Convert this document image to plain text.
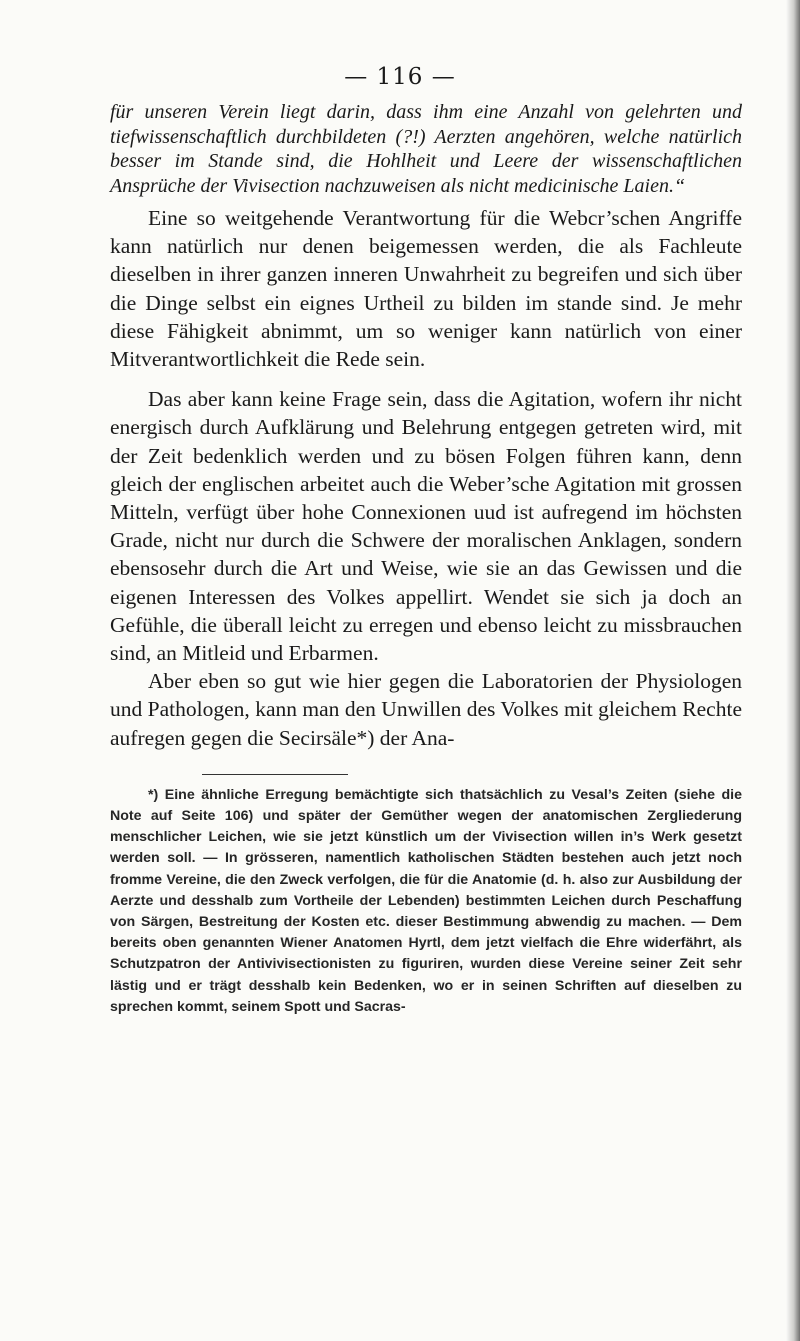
— 116 —

für unseren Verein liegt darin, dass ihm eine Anzahl von gelehrten und tiefwissenschaftlich durchbildeten (?!) Aerzten angehören, welche natürlich besser im Stande sind, die Hohlheit und Leere der wissenschaftlichen Ansprüche der Vivisection nachzuweisen als nicht medicinische Laien.“

Eine so weitgehende Verantwortung für die Webcr’schen Angriffe kann natürlich nur denen beigemessen werden, die als Fachleute dieselben in ihrer ganzen inneren Unwahrheit zu begreifen und sich über die Dinge selbst ein eignes Urtheil zu bilden im stande sind. Je mehr diese Fähigkeit abnimmt, um so weniger kann natürlich von einer Mitverantwortlichkeit die Rede sein.

Das aber kann keine Frage sein, dass die Agitation, wofern ihr nicht energisch durch Aufklärung und Belehrung entgegen getreten wird, mit der Zeit bedenklich werden und zu bösen Folgen führen kann, denn gleich der englischen arbeitet auch die Weber’sche Agitation mit grossen Mitteln, verfügt über hohe Connexionen uud ist aufregend im höchsten Grade, nicht nur durch die Schwere der moralischen Anklagen, sondern ebensosehr durch die Art und Weise, wie sie an das Gewissen und die eigenen Interessen des Volkes appellirt. Wendet sie sich ja doch an Gefühle, die überall leicht zu erregen und ebenso leicht zu missbrauchen sind, an Mitleid und Erbarmen.

Aber eben so gut wie hier gegen die Laboratorien der Physiologen und Pathologen, kann man den Unwillen des Volkes mit gleichem Rechte aufregen gegen die Secirsäle*) der Ana-

*) Eine ähnliche Erregung bemächtigte sich thatsächlich zu Vesal’s Zeiten (siehe die Note auf Seite 106) und später der Gemüther wegen der anatomischen Zergliederung menschlicher Leichen, wie sie jetzt künstlich um der Vivisection willen in’s Werk gesetzt werden soll. — In grösseren, namentlich katholischen Städten bestehen auch jetzt noch fromme Vereine, die den Zweck verfolgen, die für die Anatomie (d. h. also zur Ausbildung der Aerzte und desshalb zum Vortheile der Lebenden) bestimmten Leichen durch Peschaffung von Särgen, Bestreitung der Kosten etc. dieser Bestimmung abwendig zu machen. — Dem bereits oben genannten Wiener Anatomen Hyrtl, dem jetzt vielfach die Ehre widerfährt, als Schutzpatron der Antivivisectionisten zu figuriren, wurden diese Vereine seiner Zeit sehr lästig und er trägt desshalb kein Bedenken, wo er in seinen Schriften auf dieselben zu sprechen kommt, seinem Spott und Sacras-
